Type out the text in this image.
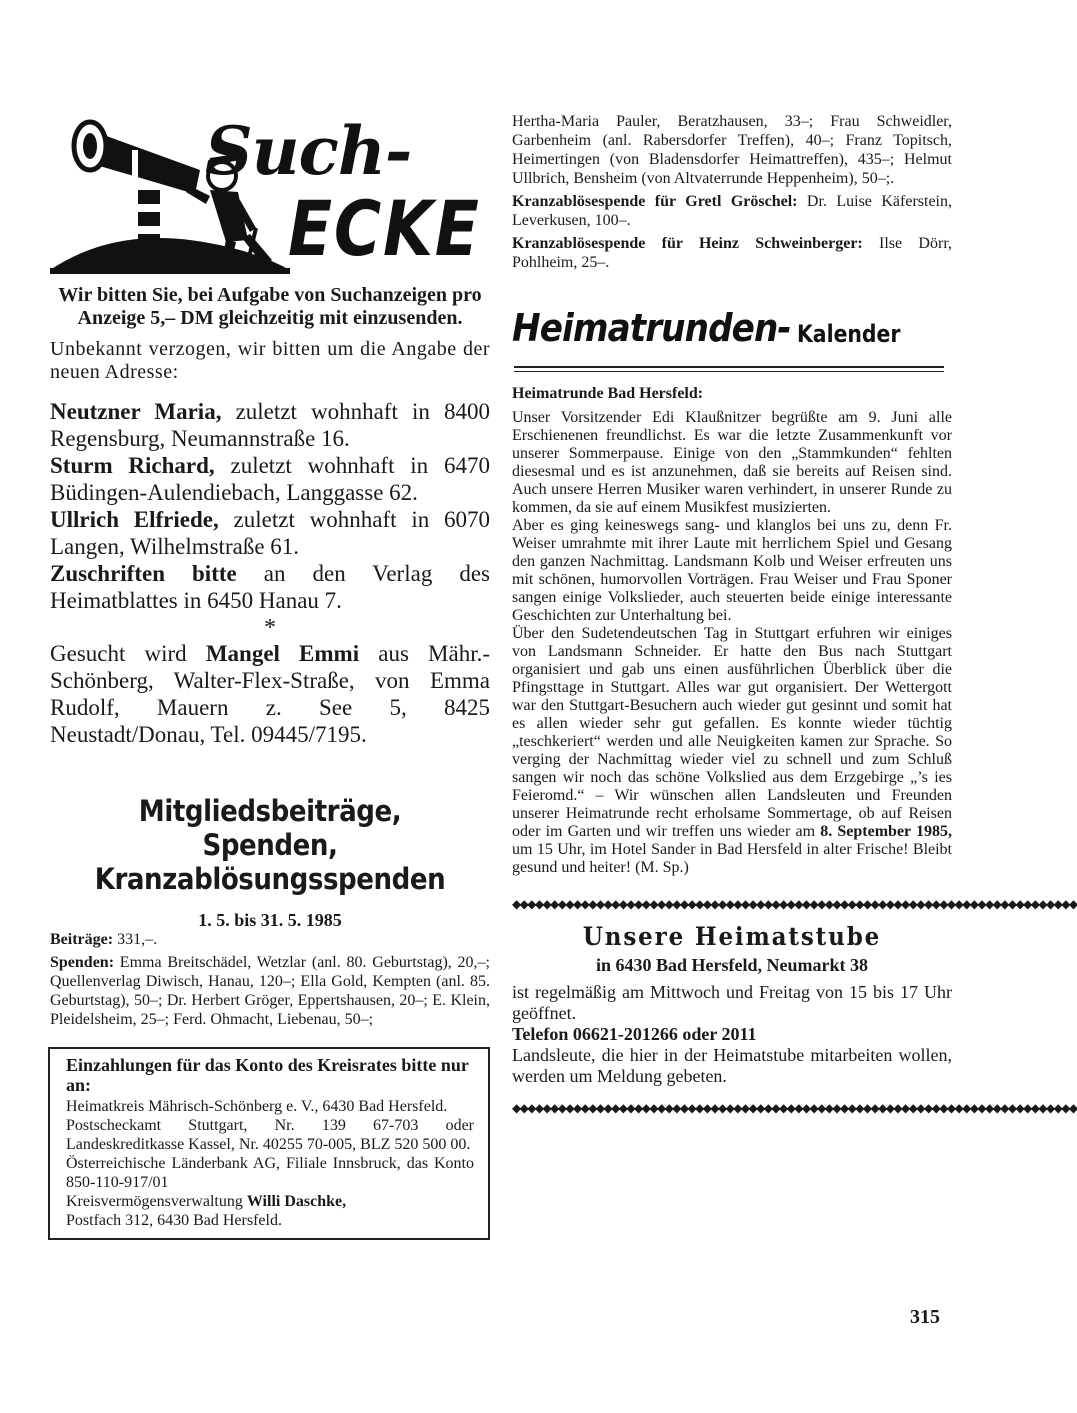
Such-
ECKE

Wir bitten Sie, bei Aufgabe von Suchanzeigen pro Anzeige 5,– DM gleichzeitig mit einzusenden.

Unbekannt verzogen, wir bitten um die Angabe der neuen Adresse:

Neutzner Maria, zuletzt wohnhaft in 8400 Regensburg, Neumannstraße 16.

Sturm Richard, zuletzt wohnhaft in 6470 Büdingen-Aulendiebach, Langgasse 62.

Ullrich Elfriede, zuletzt wohnhaft in 6070 Langen, Wilhelmstraße 61.

Zuschriften bitte an den Verlag des Heimatblattes in 6450 Hanau 7.

*

Gesucht wird Mangel Emmi aus Mähr.-Schönberg, Walter-Flex-Straße, von Emma Rudolf, Mauern z. See 5, 8425 Neustadt/Donau, Tel. 09445/7195.

Mitgliedsbeiträge, Spenden,
Kranzablösungsspenden

1. 5. bis 31. 5. 1985

Beiträge: 331,–.

Spenden: Emma Breitschädel, Wetzlar (anl. 80. Geburtstag), 20,–; Quellenverlag Diwisch, Hanau, 120–; Ella Gold, Kempten (anl. 85. Geburtstag), 50–; Dr. Herbert Gröger, Eppertshausen, 20–; E. Klein, Pleidelsheim, 25–; Ferd. Ohmacht, Liebenau, 50–;

Einzahlungen für das Konto des Kreisrates bitte nur an:

Heimatkreis Mährisch-Schönberg e. V., 6430 Bad Hersfeld.

Postscheckamt Stuttgart, Nr. 139 67-703 oder Landeskreditkasse Kassel, Nr. 40255 70-005, BLZ 520 500 00.

Österreichische Länderbank AG, Filiale Innsbruck, das Konto 850-110-917/01

Kreisvermögensverwaltung Willi Daschke,

Postfach 312, 6430 Bad Hersfeld.

Hertha-Maria Pauler, Beratzhausen, 33–; Frau Schweidler, Garbenheim (anl. Rabersdorfer Treffen), 40–; Franz Topitsch, Heimertingen (von Bladensdorfer Heimattreffen), 435–; Helmut Ullbrich, Bensheim (von Altvaterrunde Heppenheim), 50–;.

Kranzablösespende für Gretl Gröschel: Dr. Luise Käferstein, Leverkusen, 100–.

Kranzablösespende für Heinz Schweinberger: Ilse Dörr, Pohlheim, 25–.

Heimatrunden- Kalender

Heimatrunde Bad Hersfeld:

Unser Vorsitzender Edi Klaußnitzer begrüßte am 9. Juni alle Erschienenen freundlichst. Es war die letzte Zusammenkunft vor unserer Sommerpause. Einige von den „Stammkunden“ fehlten diesesmal und es ist anzunehmen, daß sie bereits auf Reisen sind. Auch unsere Herren Musiker waren verhindert, in unserer Runde zu kommen, da sie auf einem Musikfest musizierten.

Aber es ging keineswegs sang- und klanglos bei uns zu, denn Fr. Weiser umrahmte mit ihrer Laute mit herrlichem Spiel und Gesang den ganzen Nachmittag. Landsmann Kolb und Weiser erfreuten uns mit schönen, humorvollen Vorträgen. Frau Weiser und Frau Sponer sangen einige Volkslieder, auch steuerten beide einige interessante Geschichten zur Unterhaltung bei.

Über den Sudetendeutschen Tag in Stuttgart erfuhren wir einiges von Landsmann Schneider. Er hatte den Bus nach Stuttgart organisiert und gab uns einen ausführlichen Überblick über die Pfingsttage in Stuttgart. Alles war gut organisiert. Der Wettergott war den Stuttgart-Besuchern auch wieder gut gesinnt und somit hat es allen wieder sehr gut gefallen. Es konnte wieder tüchtig „teschkeriert“ werden und alle Neuigkeiten kamen zur Sprache. So verging der Nachmittag wieder viel zu schnell und zum Schluß sangen wir noch das schöne Volkslied aus dem Erzgebirge „’s ies Feieromd.“ – Wir wünschen allen Landsleuten und Freunden unserer Heimatrunde recht erholsame Sommertage, ob auf Reisen oder im Garten und wir treffen uns wieder am 8. September 1985, um 15 Uhr, im Hotel Sander in Bad Hersfeld in alter Frische! Bleibt gesund und heiter! (M. Sp.)

◆◆◆◆◆◆◆◆◆◆◆◆◆◆◆◆◆◆◆◆◆◆◆◆◆◆◆◆◆◆◆◆◆◆◆◆◆◆◆◆◆◆◆◆◆◆◆◆◆◆◆◆◆◆◆◆◆◆◆◆◆◆◆◆◆◆◆◆◆◆◆◆◆◆

Unsere Heimatstube

in 6430 Bad Hersfeld, Neumarkt 38

ist regelmäßig am Mittwoch und Freitag von 15 bis 17 Uhr geöffnet.

Telefon 06621-201266 oder 2011

Landsleute, die hier in der Heimatstube mitarbeiten wollen, werden um Meldung gebeten.

◆◆◆◆◆◆◆◆◆◆◆◆◆◆◆◆◆◆◆◆◆◆◆◆◆◆◆◆◆◆◆◆◆◆◆◆◆◆◆◆◆◆◆◆◆◆◆◆◆◆◆◆◆◆◆◆◆◆◆◆◆◆◆◆◆◆◆◆◆◆◆◆◆◆
315
